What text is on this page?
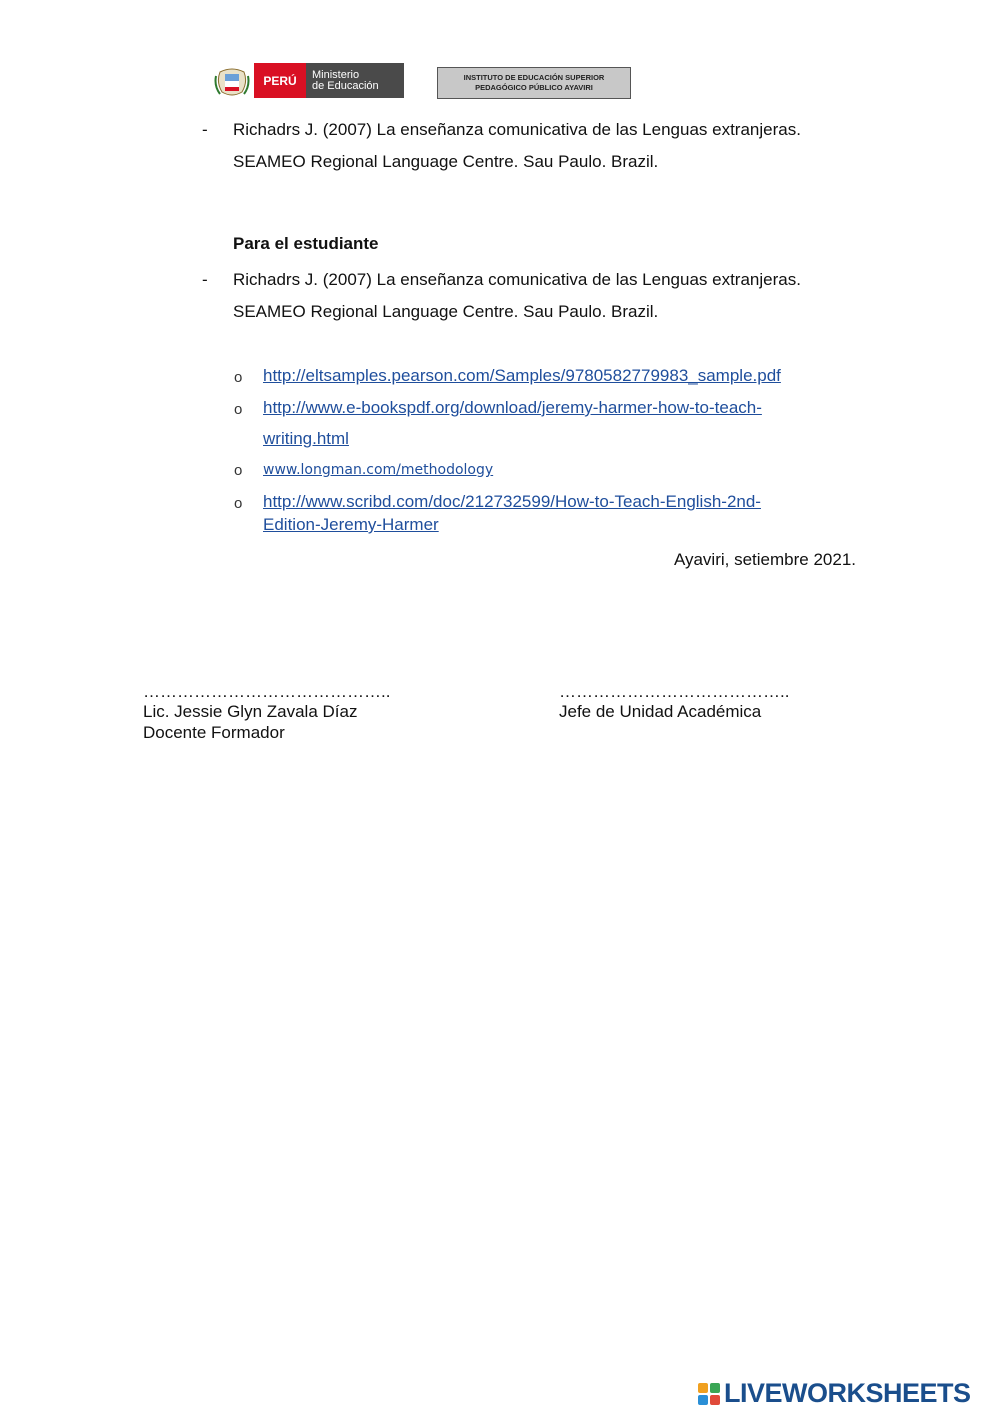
PERÚ	Ministerio
de Educación
INSTITUTO DE EDUCACIÓN SUPERIOR
PEDAGÓGICO PÚBLICO AYAVIRI
- Richadrs J. (2007) La enseñanza comunicativa de las Lenguas extranjeras.
SEAMEO Regional Language Centre. Sau Paulo. Brazil.
Para el estudiante
- Richadrs J. (2007) La enseñanza comunicativa de las Lenguas extranjeras.
SEAMEO Regional Language Centre. Sau Paulo. Brazil.
o http://eltsamples.pearson.com/Samples/9780582779983_sample.pdf
o http://www.e-bookspdf.org/download/jeremy-harmer-how-to-teach-
writing.html
o www.longman.com/methodology
o http://www.scribd.com/doc/212732599/How-to-Teach-English-2nd-
Edition-Jeremy-Harmer
Ayaviri, setiembre 2021.
……………………………………..
Lic. Jessie Glyn Zavala Díaz
Docente Formador
…………………………………..
Jefe de Unidad Académica
LIVEWORKSHEETS
